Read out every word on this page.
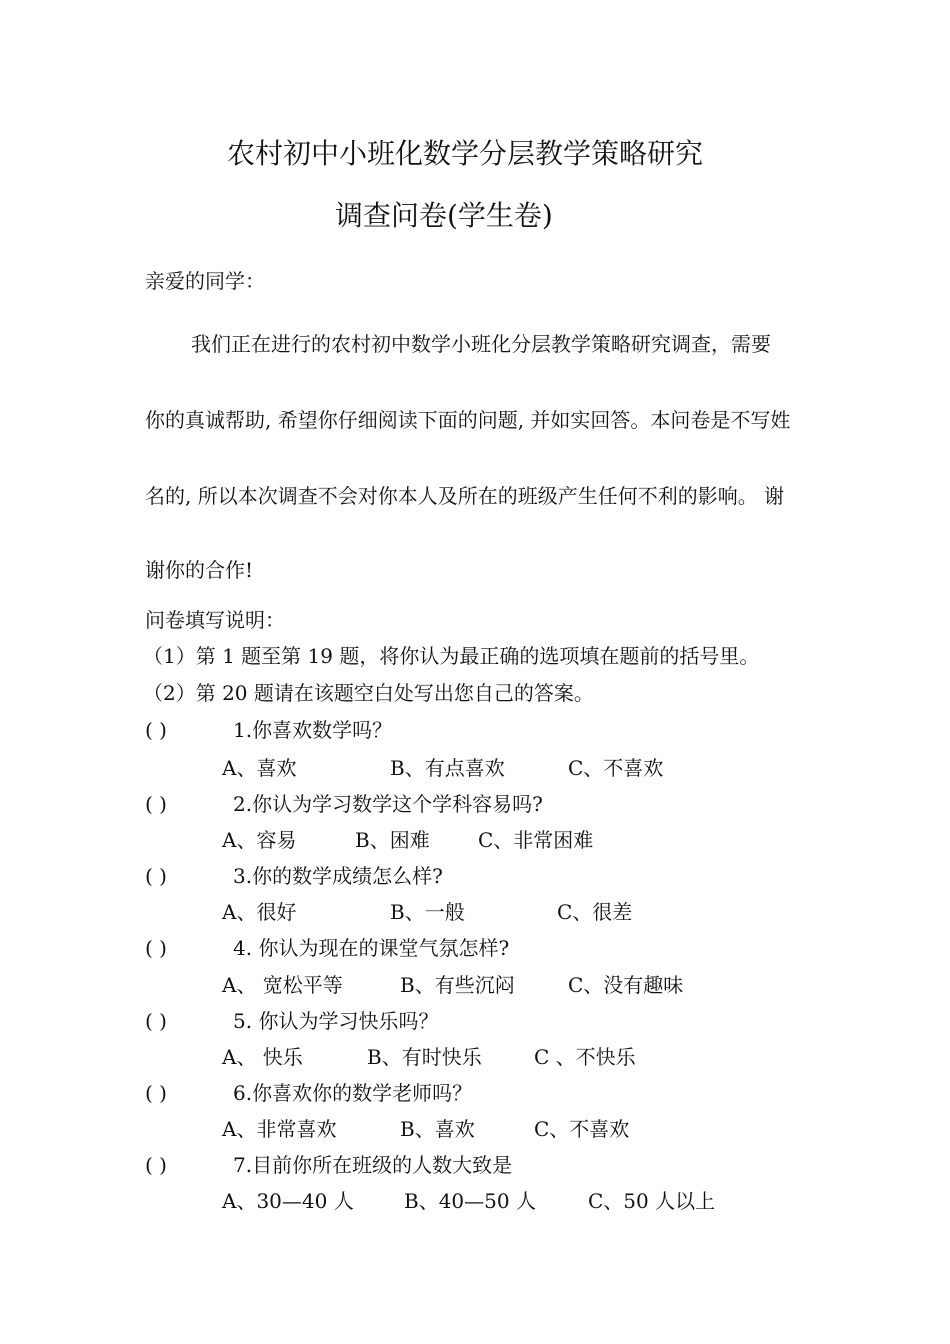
农村初中小班化数学分层教学策略研究
调查问卷(学生卷)
亲爱的同学：
我们正在进行的农村初中数学小班化分层教学策略研究调查，需要
你的真诚帮助, 希望你仔细阅读下面的问题, 并如实回答。本问卷是不写姓
名的, 所以本次调查不会对你本人及所在的班级产生任何不利的影响。 谢
谢你的合作!
问卷填写说明：
（1）第 1 题至第 19 题，将你认为最正确的选项填在题前的括号里。
（2）第 20 题请在该题空白处写出您自己的答案。
( )	1.你喜欢数学吗？
A、喜欢	B、有点喜欢	C、不喜欢
( )	2.你认为学习数学这个学科容易吗?
A、容易	B、困难 C、非常困难
( )	3.你的数学成绩怎么样?
A、很好	B、一般	C、很差
( )	4. 你认为现在的课堂气氛怎样?
A、 宽松平等	B、有些沉闷	C、没有趣味
( )	5. 你认为学习快乐吗？
A、 快乐	B、有时快乐	C 、不快乐
( )	6.你喜欢你的数学老师吗？
A、非常喜欢	B、喜欢	C、不喜欢
( )	7.目前你所在班级的人数大致是
A、30—40 人	B、40—50 人	C、50 人以上
